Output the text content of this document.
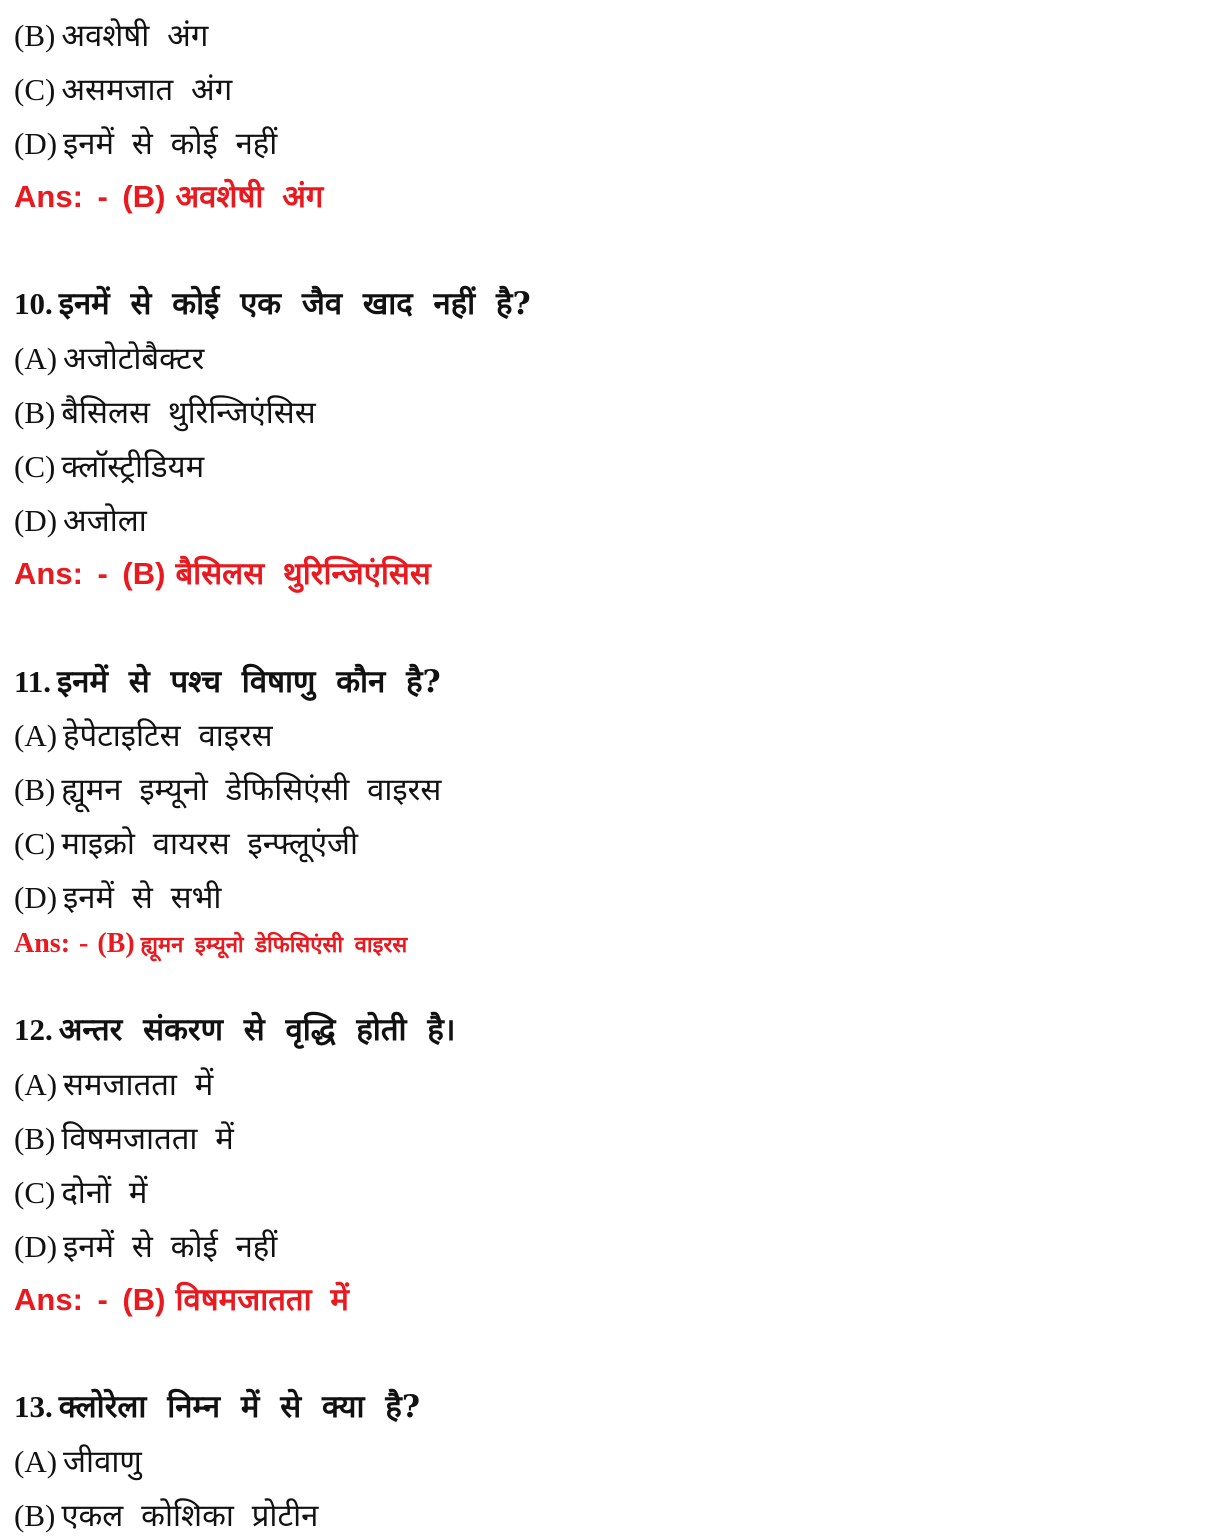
(B) अवशेषी अंग
(C) असमजात अंग
(D) इनमें से कोई नहीं
Ans: - (B) अवशेषी अंग
10. इनमें से कोई एक जैव खाद नहीं है?
(A) अजोटोबैक्टर
(B) बैसिलस थुरिन्जिएंसिस
(C) क्लॉस्ट्रीडियम
(D) अजोला
Ans: - (B) बैसिलस थुरिन्जिएंसिस
11. इनमें से पश्च विषाणु कौन है?
(A) हेपेटाइटिस वाइरस
(B) ह्यूमन इम्यूनो डेफिसिएंसी वाइरस
(C) माइक्रो वायरस इन्फ्लूएंजी
(D) इनमें से सभी
Ans: - (B) ह्यूमन इम्यूनो डेफिसिएंसी वाइरस
12. अन्तर संकरण से वृद्धि होती है।
(A) समजातता में
(B) विषमजातता में
(C) दोनों में
(D) इनमें से कोई नहीं
Ans: - (B) विषमजातता में
13. क्लोरेला निम्न में से क्या है?
(A) जीवाणु
(B) एकल कोशिका प्रोटीन
